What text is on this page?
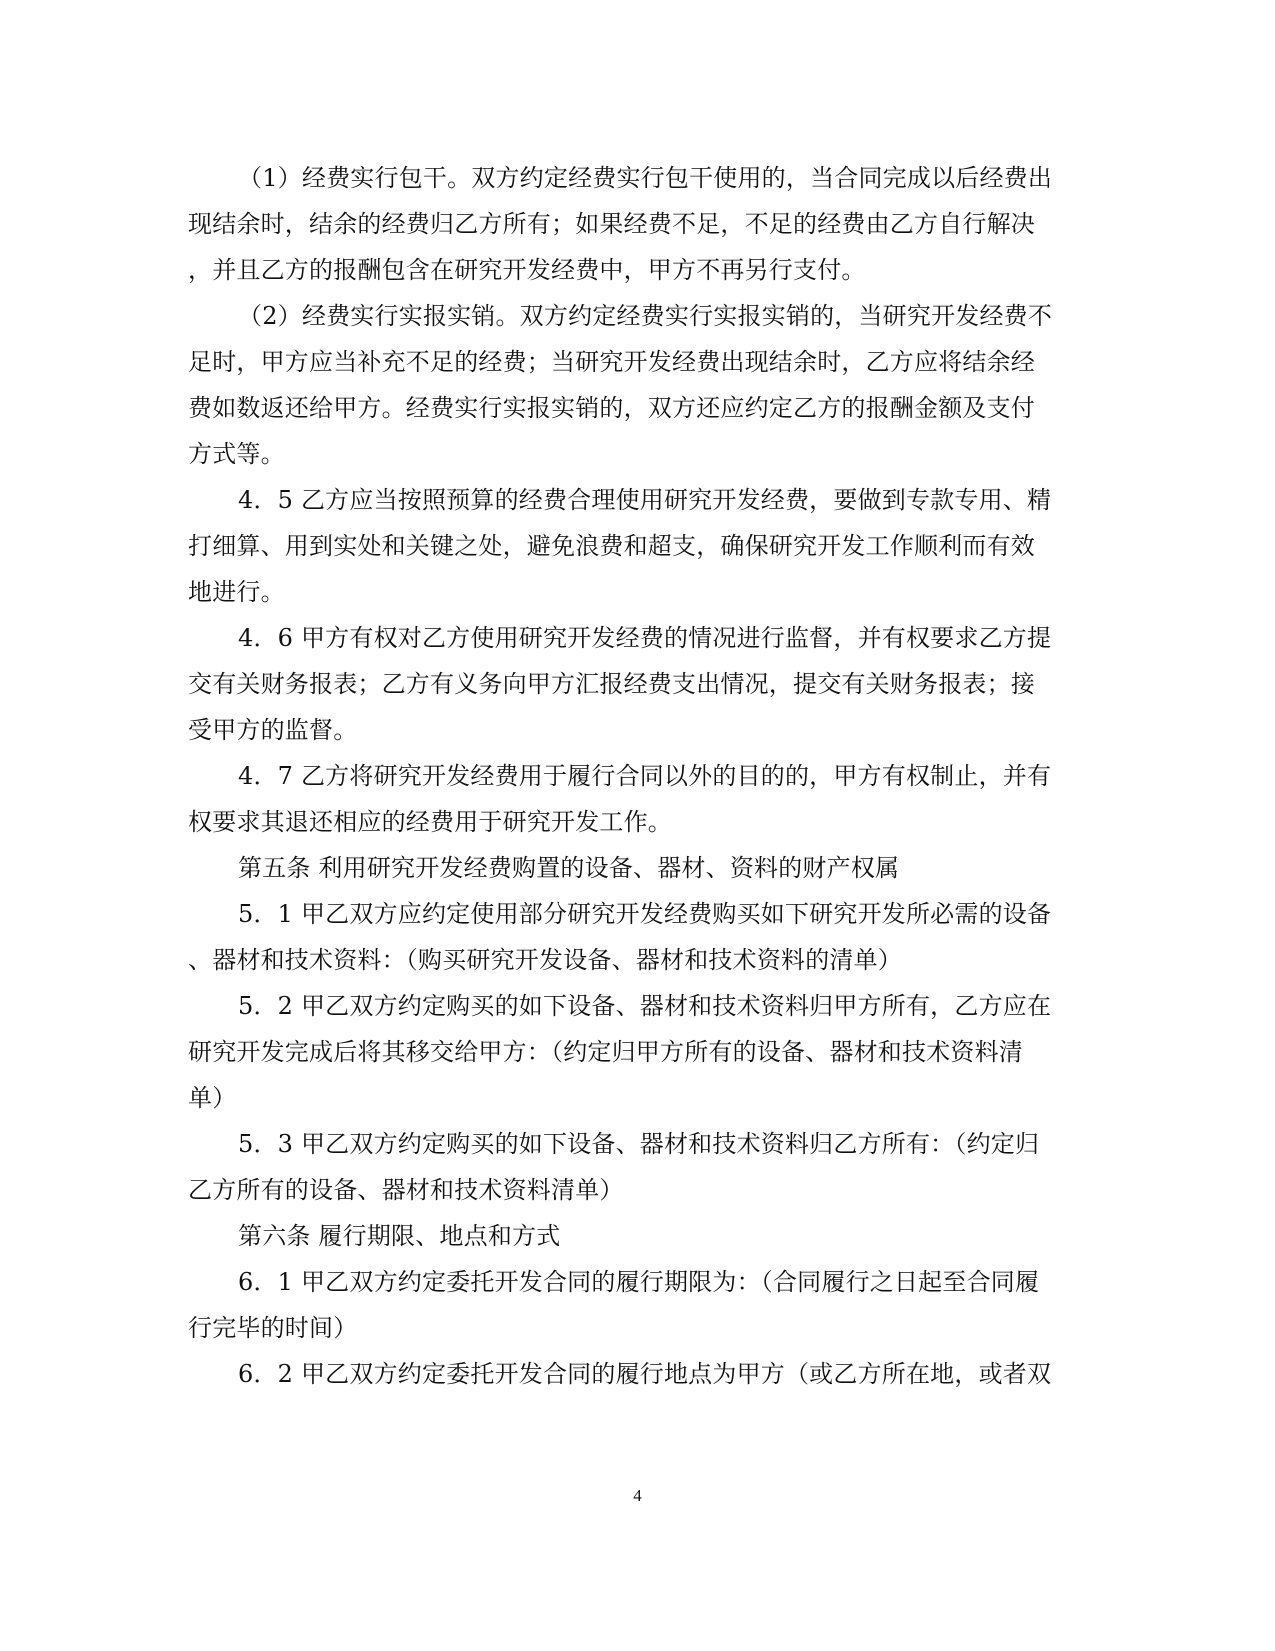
（1）经费实行包干。双方约定经费实行包干使用的，当合同完成以后经费出
现结余时，结余的经费归乙方所有；如果经费不足，不足的经费由乙方自行解决
，并且乙方的报酬包含在研究开发经费中，甲方不再另行支付。
（2）经费实行实报实销。双方约定经费实行实报实销的，当研究开发经费不
足时，甲方应当补充不足的经费；当研究开发经费出现结余时，乙方应将结余经
费如数返还给甲方。经费实行实报实销的，双方还应约定乙方的报酬金额及支付
方式等。
4．5 乙方应当按照预算的经费合理使用研究开发经费，要做到专款专用、精
打细算、用到实处和关键之处，避免浪费和超支，确保研究开发工作顺利而有效
地进行。
4．6 甲方有权对乙方使用研究开发经费的情况进行监督，并有权要求乙方提
交有关财务报表；乙方有义务向甲方汇报经费支出情况，提交有关财务报表；接
受甲方的监督。
4．7 乙方将研究开发经费用于履行合同以外的目的的，甲方有权制止，并有
权要求其退还相应的经费用于研究开发工作。
第五条 利用研究开发经费购置的设备、器材、资料的财产权属
5．1 甲乙双方应约定使用部分研究开发经费购买如下研究开发所必需的设备
、器材和技术资料：（购买研究开发设备、器材和技术资料的清单）
5．2 甲乙双方约定购买的如下设备、器材和技术资料归甲方所有，乙方应在
研究开发完成后将其移交给甲方：（约定归甲方所有的设备、器材和技术资料清
单）
5．3 甲乙双方约定购买的如下设备、器材和技术资料归乙方所有：（约定归
乙方所有的设备、器材和技术资料清单）
第六条 履行期限、地点和方式
6．1 甲乙双方约定委托开发合同的履行期限为：（合同履行之日起至合同履
行完毕的时间）
6．2 甲乙双方约定委托开发合同的履行地点为甲方（或乙方所在地，或者双
4
